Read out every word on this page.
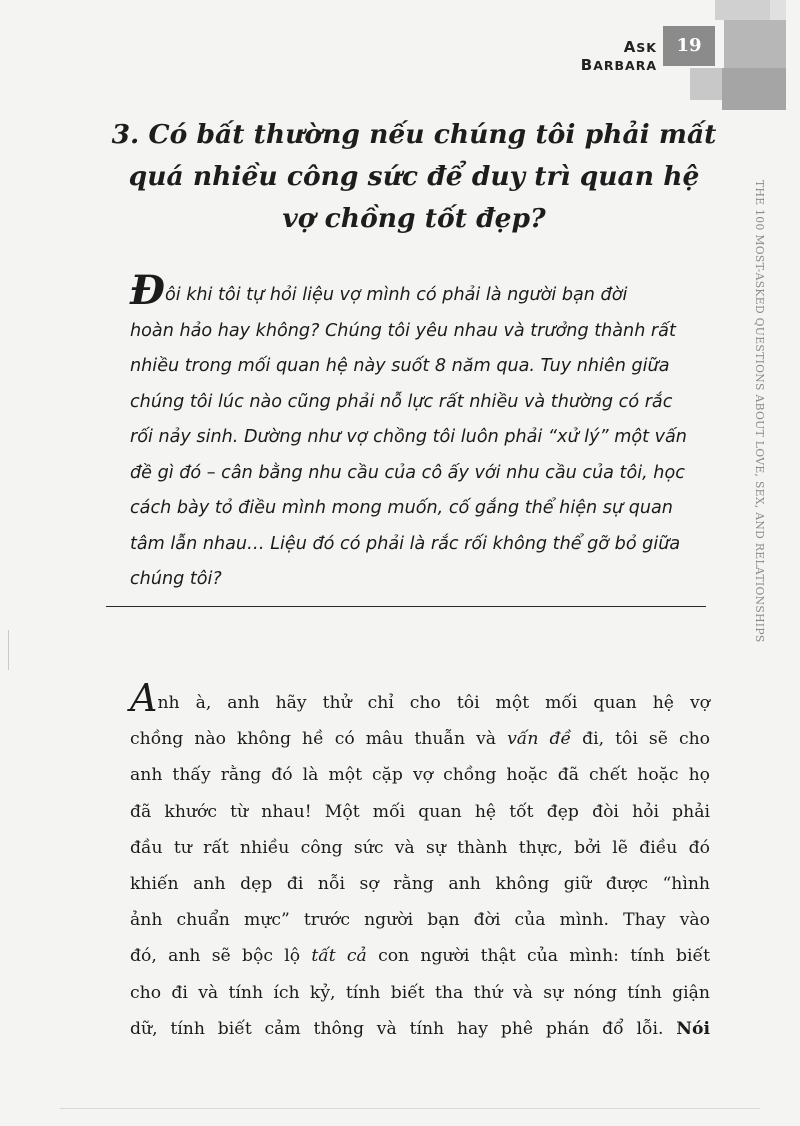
ASK BARBARA
19
THE 100 MOST-ASKED QUESTIONS ABOUT LOVE, SEX, AND RELATIONSHIPS
3. Có bất thường nếu chúng tôi phải mất
quá nhiều công sức để duy trì quan hệ
vợ chồng tốt đẹp?
Đôi khi tôi tự hỏi liệu vợ mình có phải là người bạn đời
hoàn hảo hay không? Chúng tôi yêu nhau và trưởng thành rất
nhiều trong mối quan hệ này suốt 8 năm qua. Tuy nhiên giữa
chúng tôi lúc nào cũng phải nỗ lực rất nhiều và thường có rắc
rối nảy sinh. Dường như vợ chồng tôi luôn phải “xử lý” một vấn
đề gì đó – cân bằng nhu cầu của cô ấy với nhu cầu của tôi, học
cách bày tỏ điều mình mong muốn, cố gắng thể hiện sự quan
tâm lẫn nhau… Liệu đó có phải là rắc rối không thể gỡ bỏ giữa
chúng tôi?
Anh à, anh hãy thử chỉ cho tôi một mối quan hệ vợ
chồng nào không hề có mâu thuẫn và vấn đề đi, tôi sẽ cho
anh thấy rằng đó là một cặp vợ chồng hoặc đã chết hoặc họ
đã khước từ nhau! Một mối quan hệ tốt đẹp đòi hỏi phải
đầu tư rất nhiều công sức và sự thành thực, bởi lẽ điều đó
khiến anh dẹp đi nỗi sợ rằng anh không giữ được “hình
ảnh chuẩn mực” trước người bạn đời của mình. Thay vào
đó, anh sẽ bộc lộ tất cả con người thật của mình: tính biết
cho đi và tính ích kỷ, tính biết tha thứ và sự nóng tính giận
dữ, tính biết cảm thông và tính hay phê phán đổ lỗi. Nói
